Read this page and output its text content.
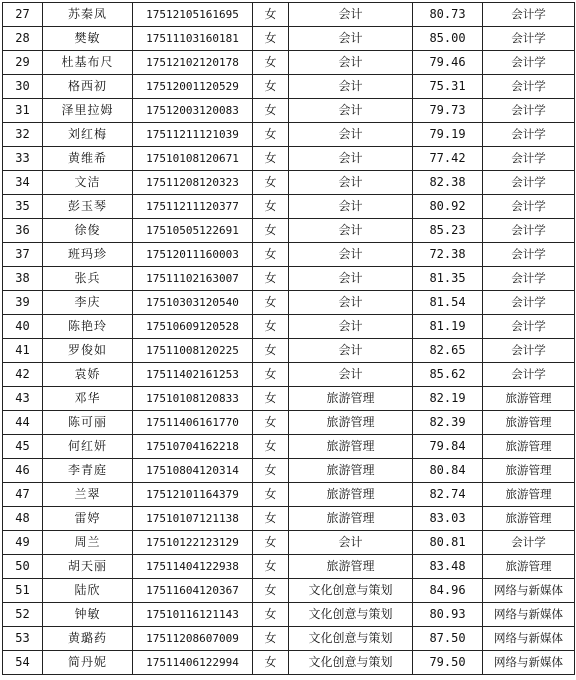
27	苏秦凤	17512105161695	女	会计	80.73	会计学
28	樊敏	17511103160181	女	会计	85.00	会计学
29	杜基布尺	17512102120178	女	会计	79.46	会计学
30	格西初	17512001120529	女	会计	75.31	会计学
31	泽里拉姆	17512003120083	女	会计	79.73	会计学
32	刘红梅	17511211121039	女	会计	79.19	会计学
33	黄维希	17510108120671	女	会计	77.42	会计学
34	文洁	17511208120323	女	会计	82.38	会计学
35	彭玉琴	17511211120377	女	会计	80.92	会计学
36	徐俊	17510505122691	女	会计	85.23	会计学
37	班玛珍	17512011160003	女	会计	72.38	会计学
38	张兵	17511102163007	女	会计	81.35	会计学
39	李庆	17510303120540	女	会计	81.54	会计学
40	陈艳玲	17510609120528	女	会计	81.19	会计学
41	罗俊如	17511008120225	女	会计	82.65	会计学
42	袁娇	17511402161253	女	会计	85.62	会计学
43	邓华	17510108120833	女	旅游管理	82.19	旅游管理
44	陈可丽	17511406161770	女	旅游管理	82.39	旅游管理
45	何红妍	17510704162218	女	旅游管理	79.84	旅游管理
46	李青庭	17510804120314	女	旅游管理	80.84	旅游管理
47	兰翠	17512101164379	女	旅游管理	82.74	旅游管理
48	雷婷	17510107121138	女	旅游管理	83.03	旅游管理
49	周兰	17510122123129	女	会计	80.81	会计学
50	胡天丽	17511404122938	女	旅游管理	83.48	旅游管理
51	陆欣	17511604120367	女	文化创意与策划	84.96	网络与新媒体
52	钟敏	17510116121143	女	文化创意与策划	80.93	网络与新媒体
53	黄璐药	17511208607009	女	文化创意与策划	87.50	网络与新媒体
54	简丹妮	17511406122994	女	文化创意与策划	79.50	网络与新媒体
